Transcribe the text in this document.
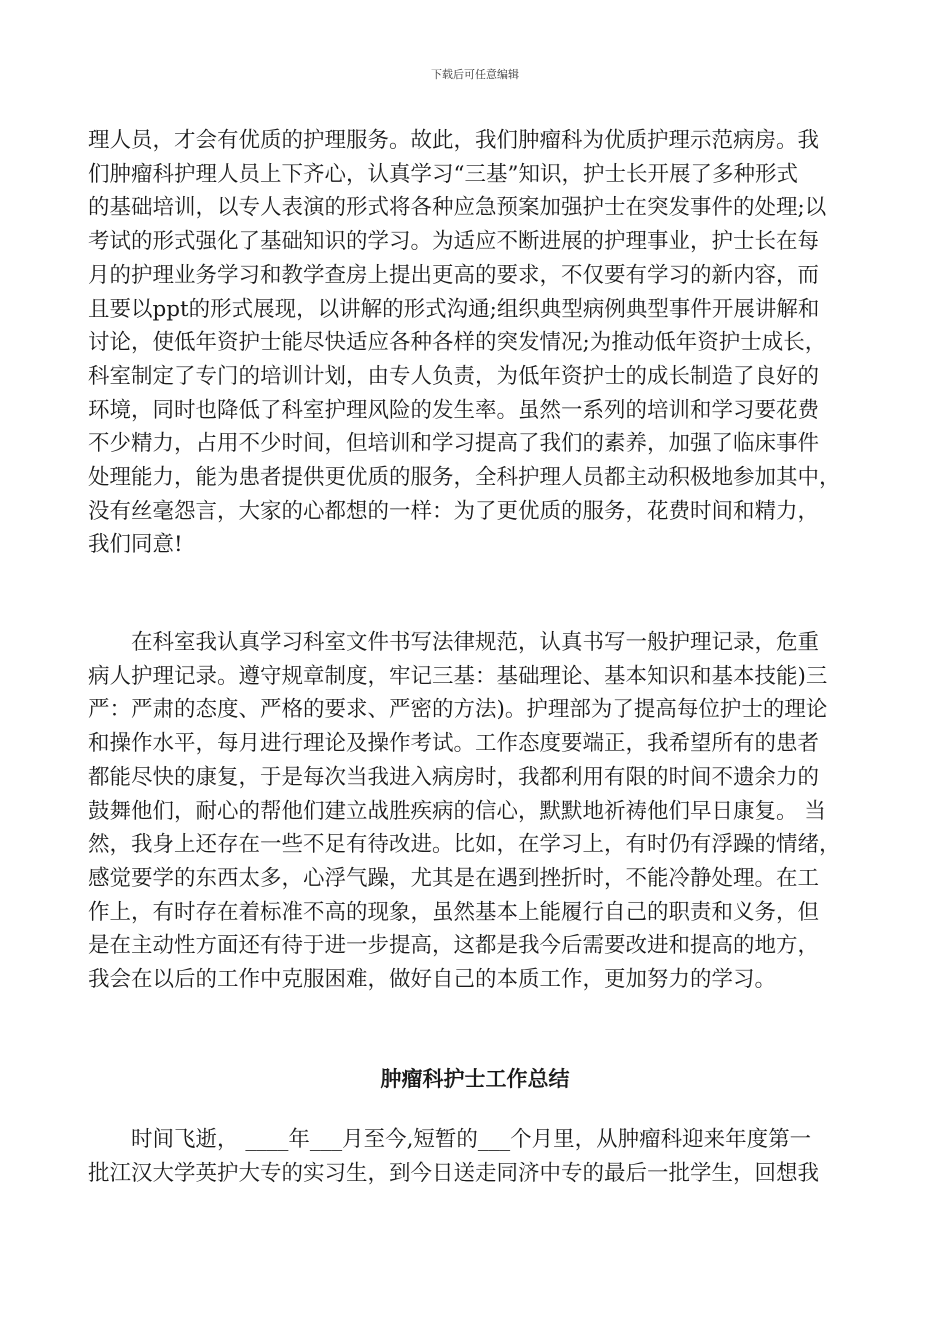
下载后可任意编辑
理人员，才会有优质的护理服务。故此，我们肿瘤科为优质护理示范病房。我
们肿瘤科护理人员上下齐心，认真学习“三基”知识，护士长开展了多种形式
的基础培训，以专人表演的形式将各种应急预案加强护士在突发事件的处理;以
考试的形式强化了基础知识的学习。为适应不断进展的护理事业，护士长在每
月的护理业务学习和教学查房上提出更高的要求，不仅要有学习的新内容，而
且要以ppt的形式展现，以讲解的形式沟通;组织典型病例典型事件开展讲解和
讨论，使低年资护士能尽快适应各种各样的突发情况;为推动低年资护士成长，
科室制定了专门的培训计划，由专人负责，为低年资护士的成长制造了良好的
环境，同时也降低了科室护理风险的发生率。虽然一系列的培训和学习要花费
不少精力，占用不少时间，但培训和学习提高了我们的素养，加强了临床事件
处理能力，能为患者提供更优质的服务，全科护理人员都主动积极地参加其中，
没有丝毫怨言，大家的心都想的一样：为了更优质的服务，花费时间和精力，
我们同意!
在科室我认真学习科室文件书写法律规范，认真书写一般护理记录，危重
病人护理记录。遵守规章制度，牢记三基：基础理论、基本知识和基本技能)三
严：严肃的态度、严格的要求、严密的方法)。护理部为了提高每位护士的理论
和操作水平，每月进行理论及操作考试。工作态度要端正，我希望所有的患者
都能尽快的康复，于是每次当我进入病房时，我都利用有限的时间不遗余力的
鼓舞他们，耐心的帮他们建立战胜疾病的信心，默默地祈祷他们早日康复。 当
然，我身上还存在一些不足有待改进。比如，在学习上，有时仍有浮躁的情绪，
感觉要学的东西太多，心浮气躁，尤其是在遇到挫折时，不能冷静处理。在工
作上，有时存在着标准不高的现象，虽然基本上能履行自己的职责和义务，但
是在主动性方面还有待于进一步提高，这都是我今后需要改进和提高的地方，
我会在以后的工作中克服困难，做好自己的本质工作，更加努力的学习。
肿瘤科护士工作总结
时间飞逝， ____年___月至今,短暂的___个月里，从肿瘤科迎来年度第一
批江汉大学英护大专的实习生，到今日送走同济中专的最后一批学生，回想我
